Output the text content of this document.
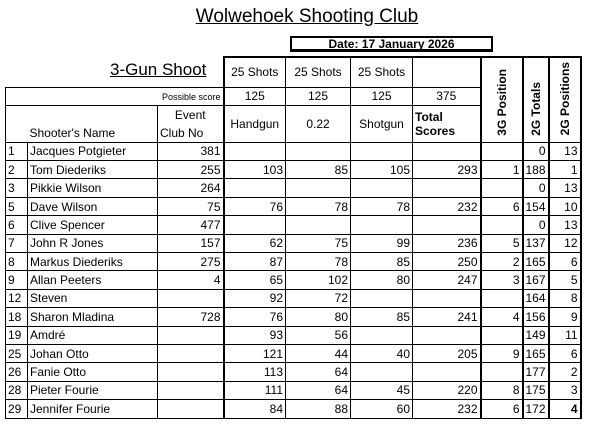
Wolwehoek Shooting Club
Date: 17 January 2026
3-Gun Shoot
			25 Shots	25 Shots	25 Shots		3G Position	2G Totals	2G Positions
	Possible score		125	125	125	375			
		Event	Handgun	0.22	Shotgun	Total
Scores			

	Shooter's Name	Club No							
1	Jacques Potgieter	381						0	13
2	Tom Diederiks	255	103	85	105	293	1	188	1
3	Pikkie Wilson	264						0	13
5	Dave Wilson	75	76	78	78	232	6	154	10
6	Clive Spencer	477						0	13
7	John R Jones	157	62	75	99	236	5	137	12
8	Markus Diederiks	275	87	78	85	250	2	165	6
9	Allan Peeters	4	65	102	80	247	3	167	5
12	Steven		92	72				164	8
18	Sharon Mladina	728	76	80	85	241	4	156	9
19	Amdré		93	56				149	11
25	Johan Otto		121	44	40	205	9	165	6
26	Fanie Otto		113	64				177	2
28	Pieter Fourie		111	64	45	220	8	175	3
29	Jennifer Fourie		84	88	60	232	6	172	4
